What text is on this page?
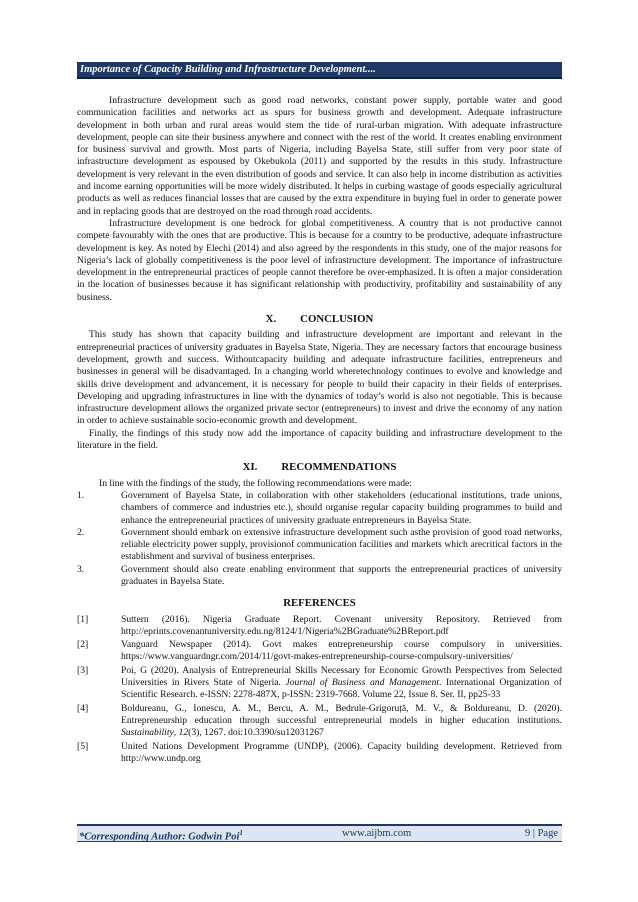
Importance of Capacity Building and Infrastructure Development....

Infrastructure development such as good road networks, constant power supply, portable water and good communication facilities and networks act as spurs for business growth and development. Adequate infrastructure development in both urban and rural areas would stem the tide of rural-urban migration. With adequate infrastructure development, people can site their business anywhere and connect with the rest of the world. It creates enabling environment for business survival and growth. Most parts of Nigeria, including Bayelsa State, still suffer from very poor state of infrastructure development as espoused by Okebukola (2011) and supported by the results in this study. Infrastructure development is very relevant in the even distribution of goods and service. It can also help in income distribution as activities and income earning opportunities will be more widely distributed. It helps in curbing wastage of goods especially agricultural products as well as reduces financial losses that are caused by the extra expenditure in buying fuel in order to generate power and in replacing goods that are destroyed on the road through road accidents.

Infrastructure development is one bedrock for global competitiveness. A country that is not productive cannot compete favourably with the ones that are productive. This is because for a country to be productive, adequate infrastructure development is key. As noted by Elechi (2014) and also agreed by the respondents in this study, one of the major reasons for Nigeria’s lack of globally competitiveness is the poor level of infrastructure development. The importance of infrastructure development in the entrepreneurial practices of people cannot therefore be over-emphasized. It is often a major consideration in the location of businesses because it has significant relationship with productivity, profitability and sustainability of any business.

X. CONCLUSION

This study has shown that capacity building and infrastructure development are important and relevant in the entrepreneurial practices of university graduates in Bayelsa State, Nigeria. They are necessary factors that encourage business development, growth and success. Withoutcapacity building and adequate infrastructure facilities, entrepreneurs and businesses in general will be disadvantaged. In a changing world wheretechnology continues to evolve and knowledge and skills drive development and advancement, it is necessary for people to build their capacity in their fields of enterprises. Developing and upgrading infrastructures in line with the dynamics of today’s world is also not negotiable. This is because infrastructure development allows the organized private sector (entrepreneurs) to invest and drive the economy of any nation in order to achieve sustainable socio-economic growth and development.

Finally, the findings of this study now add the importance of capacity building and infrastructure development to the literature in the field.

XI. RECOMMENDATIONS

In line with the findings of the study, the following recommendations were made:

1.	Government of Bayelsa State, in collaboration with other stakeholders (educational institutions, trade unions, chambers of commerce and industries etc.), should organise regular capacity building programmes to build and enhance the entrepreneurial practices of university graduate entrepreneurs in Bayelsa State.
2.	Government should embark on extensive infrastructure development such asthe provision of good road networks, reliable electricity power supply, provisionof communication facilities and markets which arecritical factors in the establishment and survival of business enterprises.
3.	Government should also create enabling environment that supports the entrepreneurial practices of university graduates in Bayelsa State.
REFERENCES
[1]	Suttern (2016). Nigeria Graduate Report. Covenant university Repository. Retrieved from http://eprints.covenantuniversity.edu.ng/8124/1/Nigeria%2BGraduate%2BReport.pdf
[2]	Vanguard Newspaper (2014). Govt makes entrepreneurship course compulsory in universities. https://www.vanguardngr.com/2014/11/govt-makes-entrepreneurship-course-compulsory-universities/
[3]	Poi, G (2020). Analysis of Entrepreneurial Skills Necessary for Economic Growth Perspectives from Selected Universities in Rivers State of Nigeria. Journal of Business and Management. International Organization of Scientific Research. e-ISSN: 2278-487X, p-ISSN: 2319-7668. Volume 22, Issue 8. Ser. II, pp25-33
[4]	Boldureanu, G., Ionescu, A. M., Bercu, A. M., Bedrule-Grigoruță, M. V., & Boldureanu, D. (2020). Entrepreneurship education through successful entrepreneurial models in higher education institutions. Sustainability, 12(3), 1267. doi:10.3390/su12031267
[5]	United Nations Development Programme (UNDP), (2006). Capacity building development. Retrieved from http://www.undp.org
*Corresponding Author: Godwin Poi$^1$	www.aijbm.com	9 | Page
